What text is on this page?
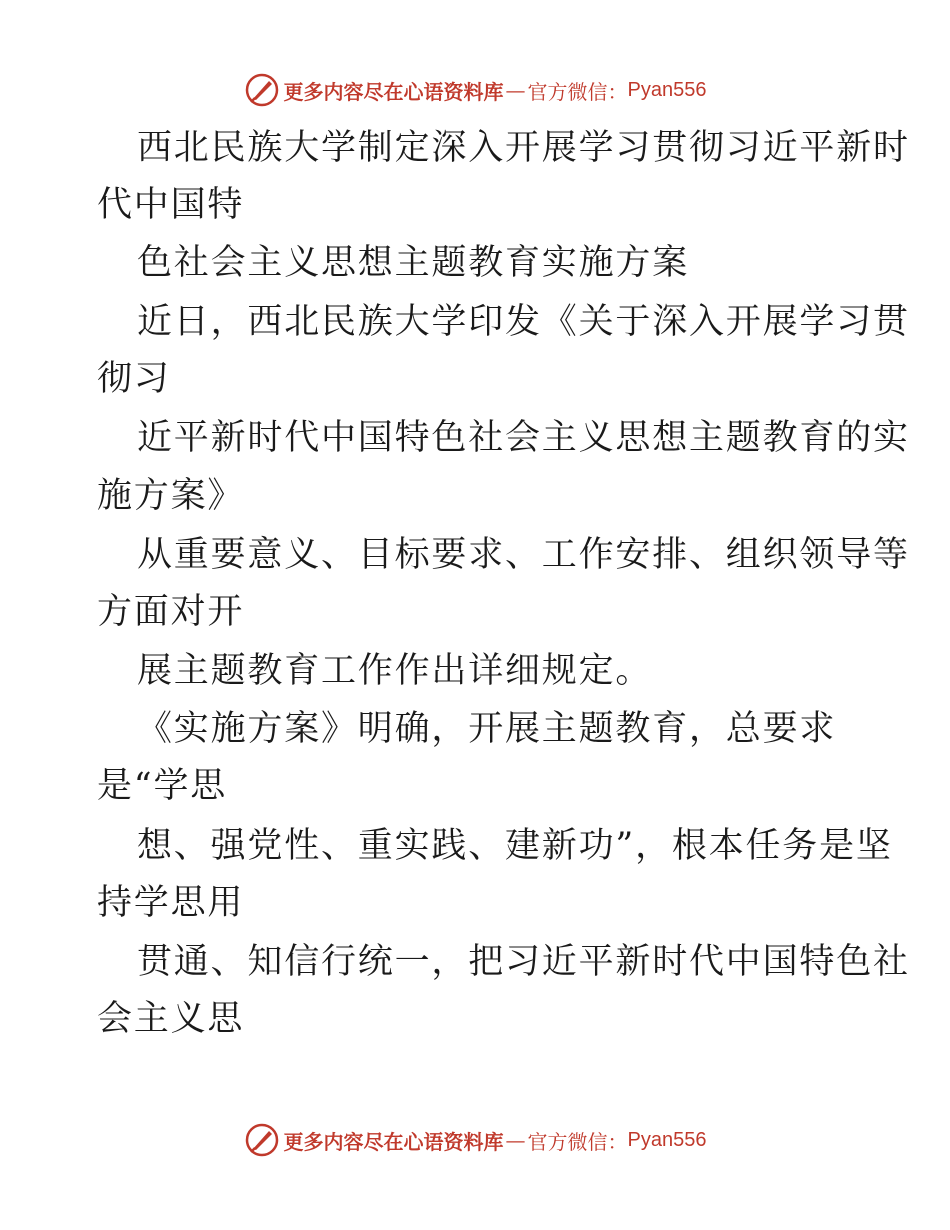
更多内容尽在心语资料库 — 官方微信： Pyan556
西北民族大学制定深入开展学习贯彻习近平新时
代中国特
色社会主义思想主题教育实施方案
近日，西北民族大学印发《关于深入开展学习贯
彻习
近平新时代中国特色社会主义思想主题教育的实
施方案》
从重要意义、目标要求、工作安排、组织领导等
方面对开
展主题教育工作作出详细规定。
《实施方案》明确，开展主题教育，总要求
是“学思
想、强党性、重实践、建新功”，根本任务是坚
持学思用
贯通、知信行统一，把习近平新时代中国特色社
会主义思
更多内容尽在心语资料库 — 官方微信： Pyan556
